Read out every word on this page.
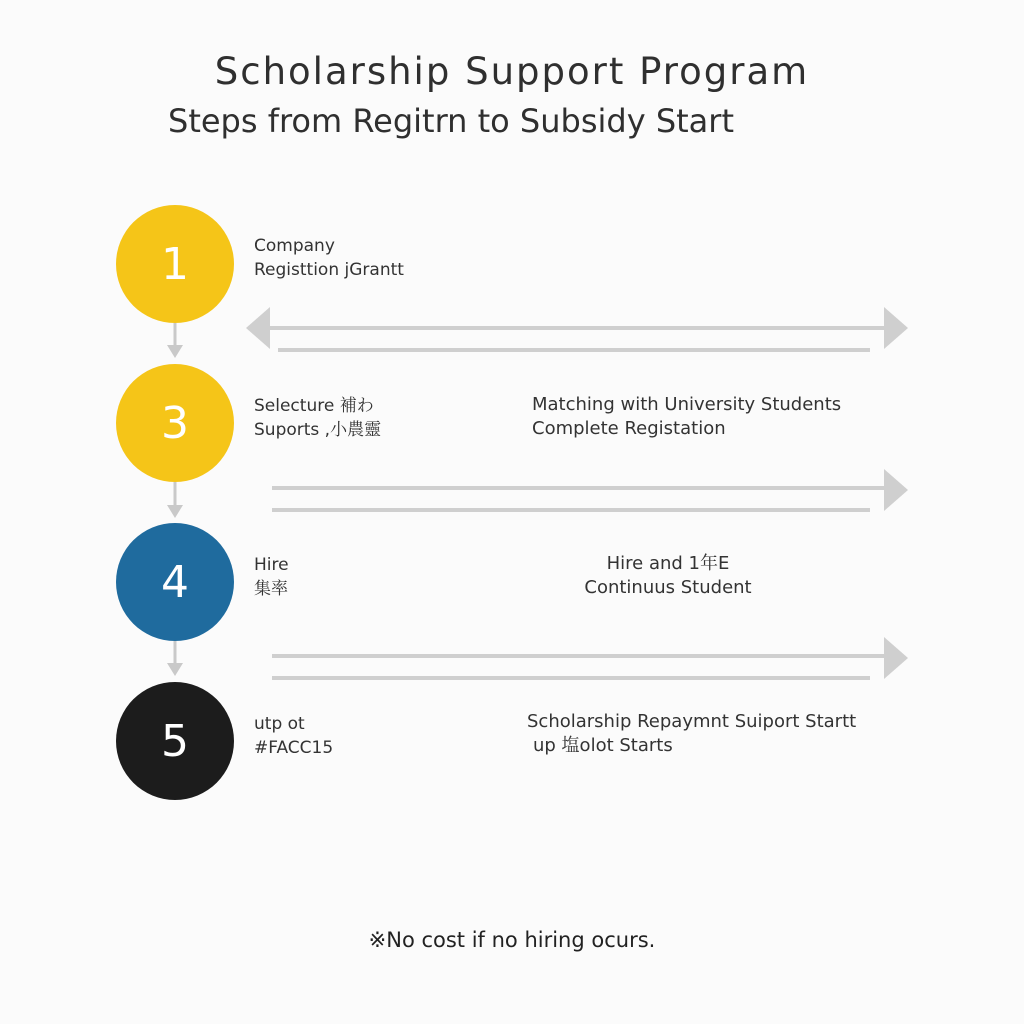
Scholarship Support Program
Steps from Regitrn to Subsidy Start
1	Company
Registtion jGrantt
3	Selecture 補わ
Suports ,小農靈
Matching with University Students
Complete Registation
4	Hire
集率
Hire and 1年E
Continuus Student
5	utp ot
#FACC15
Scholarship Repaymnt Suiport Startt
up 塩olot Starts
※No cost if no hiring ocurs.
